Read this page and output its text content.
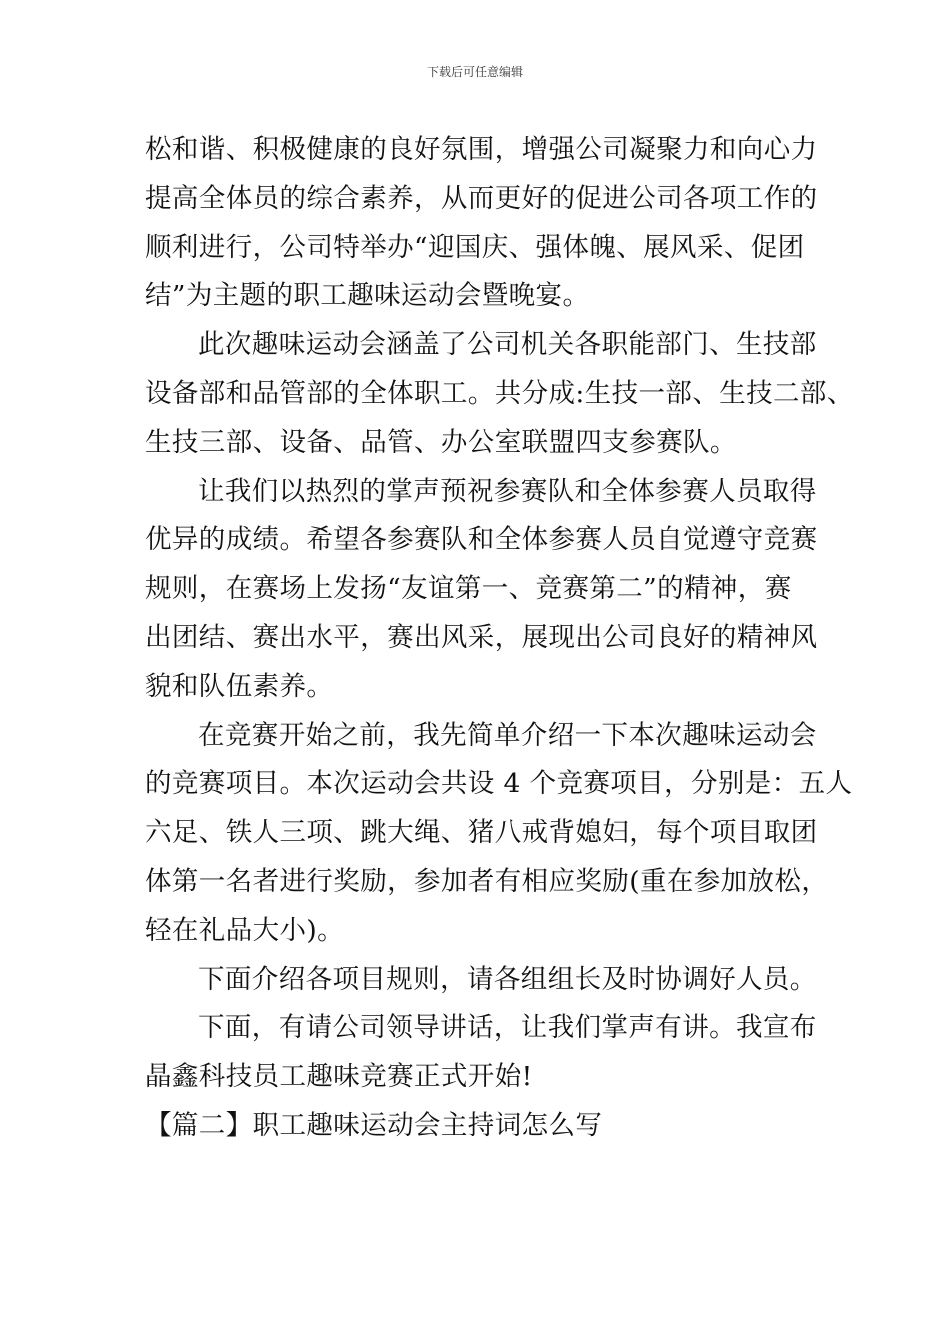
下载后可任意编辑
松和谐、积极健康的良好氛围，增强公司凝聚力和向心力
提高全体员的综合素养，从而更好的促进公司各项工作的
顺利进行，公司特举办“迎国庆、强体魄、展风采、促团
结”为主题的职工趣味运动会暨晚宴。
此次趣味运动会涵盖了公司机关各职能部门、生技部
设备部和品管部的全体职工。共分成:生技一部、生技二部、
生技三部、设备、品管、办公室联盟四支参赛队。
让我们以热烈的掌声预祝参赛队和全体参赛人员取得
优异的成绩。希望各参赛队和全体参赛人员自觉遵守竞赛
规则，在赛场上发扬“友谊第一、竞赛第二”的精神，赛
出团结、赛出水平，赛出风采，展现出公司良好的精神风
貌和队伍素养。
在竞赛开始之前，我先简单介绍一下本次趣味运动会
的竞赛项目。本次运动会共设 4 个竞赛项目，分别是：五人
六足、铁人三项、跳大绳、猪八戒背媳妇，每个项目取团
体第一名者进行奖励，参加者有相应奖励(重在参加放松，
轻在礼品大小)。
下面介绍各项目规则，请各组组长及时协调好人员。
下面，有请公司领导讲话，让我们掌声有讲。我宣布
晶鑫科技员工趣味竞赛正式开始!
【篇二】职工趣味运动会主持词怎么写
